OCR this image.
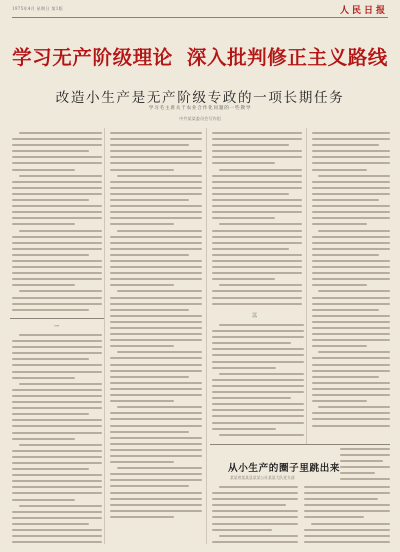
1975年4月 星期日 第1版	人民日报
学习无产阶级理论 深入批判修正主义路线
改造小生产是无产阶级专政的一项长期任务
学习毛主席关于农业合作化问题的一些教导
中共某某委员会写作组
一
三
从小生产的圈子里跳出来
某某省某某县某某公社某某大队党支部
